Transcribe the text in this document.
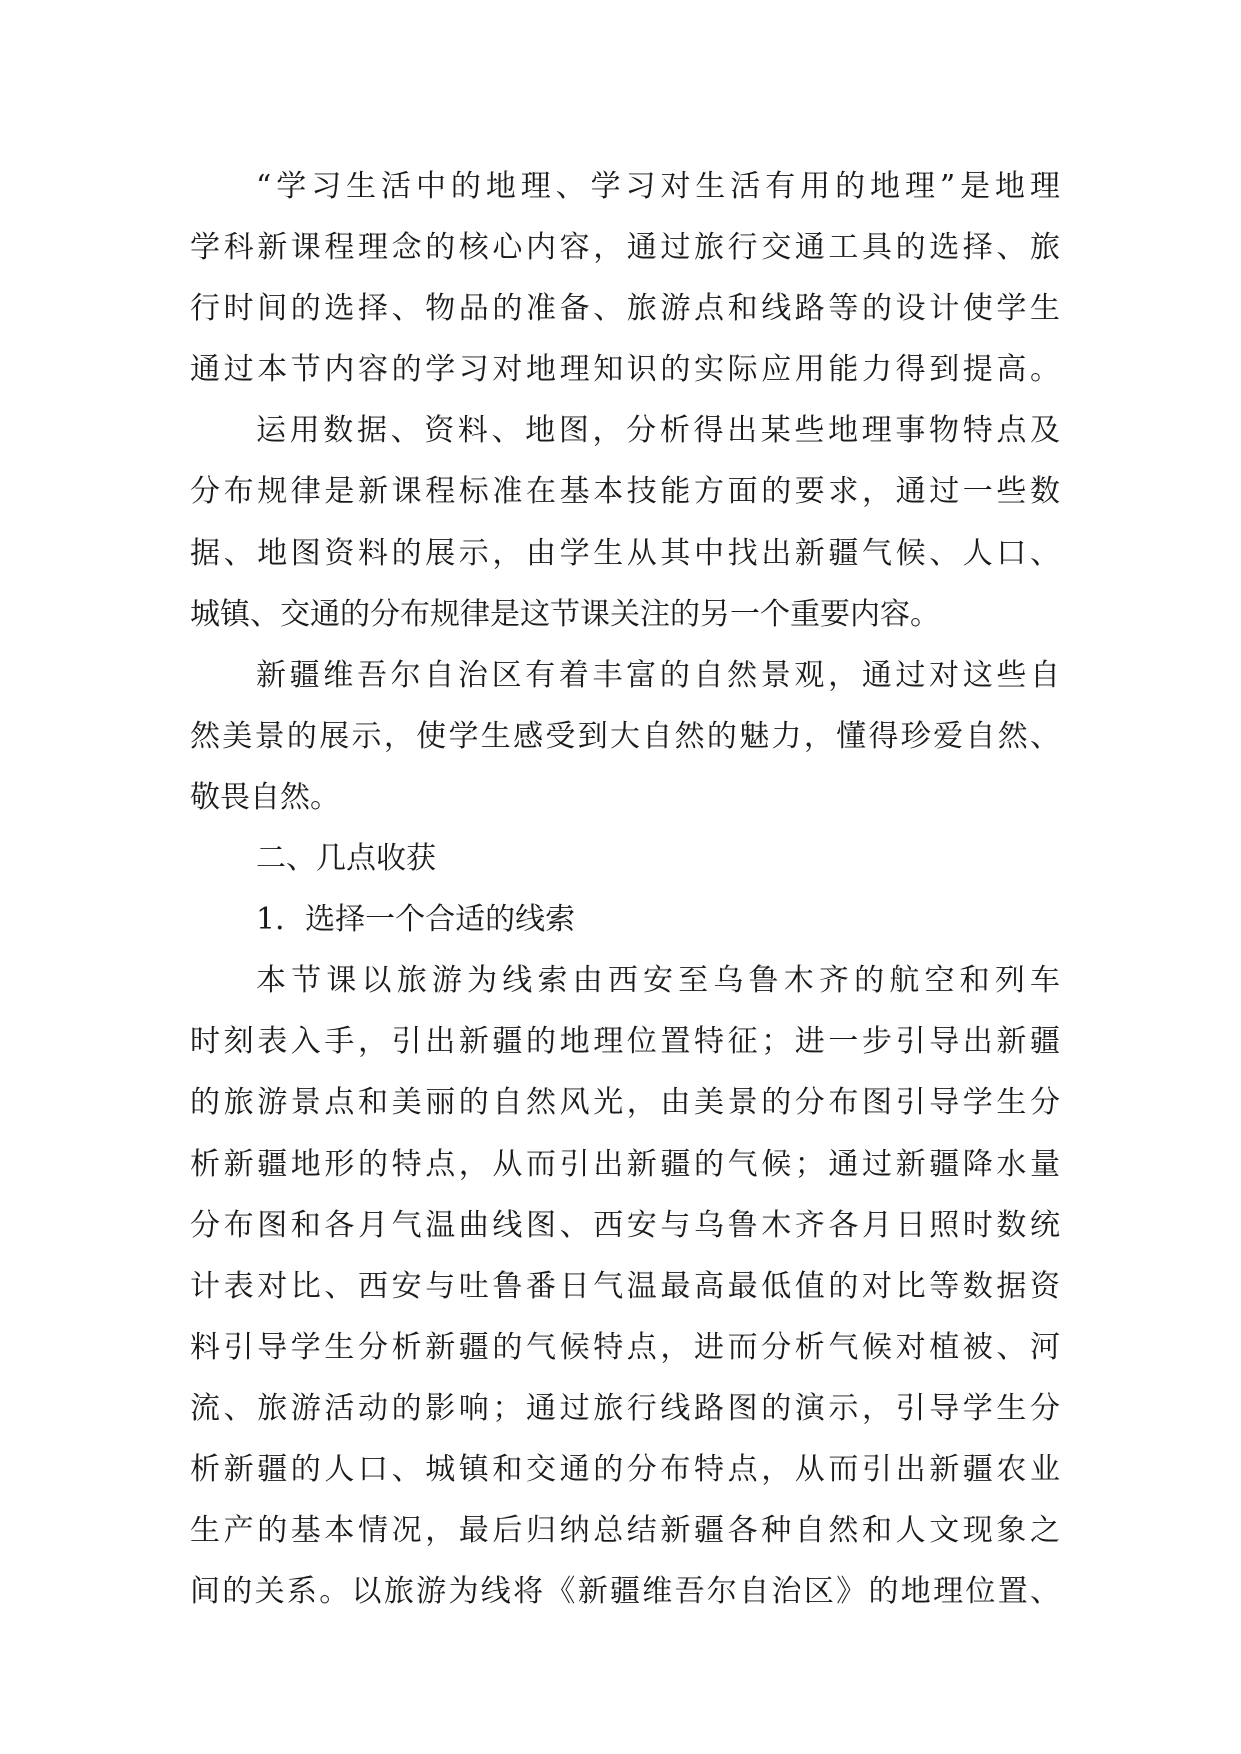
“学习生活中的地理、学习对生活有用的地理”是地理
学科新课程理念的核心内容，通过旅行交通工具的选择、旅
行时间的选择、物品的准备、旅游点和线路等的设计使学生
通过本节内容的学习对地理知识的实际应用能力得到提高。
运用数据、资料、地图，分析得出某些地理事物特点及
分布规律是新课程标准在基本技能方面的要求，通过一些数
据、地图资料的展示，由学生从其中找出新疆气候、人口、
城镇、交通的分布规律是这节课关注的另一个重要内容。
新疆维吾尔自治区有着丰富的自然景观，通过对这些自
然美景的展示，使学生感受到大自然的魅力，懂得珍爱自然、
敬畏自然。
二、几点收获
1．选择一个合适的线索
本节课以旅游为线索由西安至乌鲁木齐的航空和列车
时刻表入手，引出新疆的地理位置特征；进一步引导出新疆
的旅游景点和美丽的自然风光，由美景的分布图引导学生分
析新疆地形的特点，从而引出新疆的气候；通过新疆降水量
分布图和各月气温曲线图、西安与乌鲁木齐各月日照时数统
计表对比、西安与吐鲁番日气温最高最低值的对比等数据资
料引导学生分析新疆的气候特点，进而分析气候对植被、河
流、旅游活动的影响；通过旅行线路图的演示，引导学生分
析新疆的人口、城镇和交通的分布特点，从而引出新疆农业
生产的基本情况，最后归纳总结新疆各种自然和人文现象之
间的关系。以旅游为线将《新疆维吾尔自治区》的地理位置、
